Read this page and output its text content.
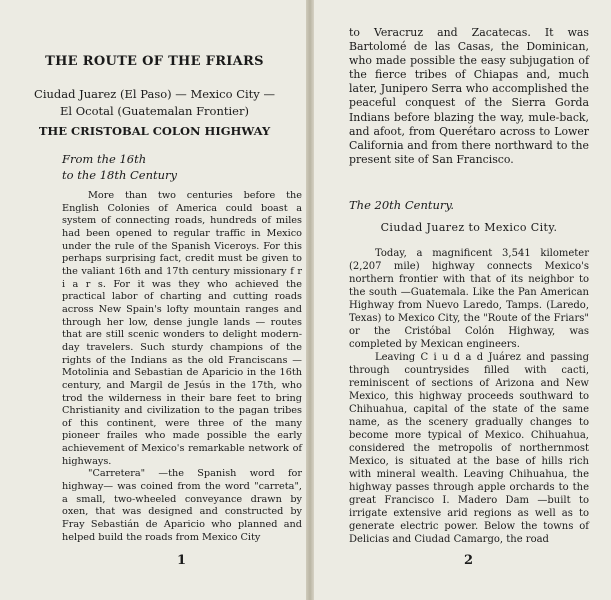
THE ROUTE OF THE FRIARS
Ciudad Juarez (El Paso) — Mexico City —
El Ocotal (Guatemalan Frontier)
THE CRISTOBAL COLON HIGHWAY
From the 16th
to the 18th Century

More than two centuries before the English Colonies of America could boast a system of connecting roads, hundreds of miles had been opened to regular traffic in Mexico under the rule of the Spanish Viceroys. For this perhaps surprising fact, credit must be given to the valiant 16th and 17th century missionary f r i a r s. For it was they who achieved the practical labor of charting and cutting roads across New Spain's lofty mountain ranges and through her low, dense jungle lands — routes that are still scenic wonders to delight modern-day travelers. Such sturdy champions of the rights of the Indians as the old Franciscans — Motolinia and Sebastian de Aparicio in the 16th century, and Margil de Jesús in the 17th, who trod the wilderness in their bare feet to bring Christianity and civilization to the pagan tribes of this continent, were three of the many pioneer frailes who made possible the early achievement of Mexico's remarkable network of highways.

"Carretera" —the Spanish word for highway— was coined from the word "carreta", a small, two-wheeled conveyance drawn by oxen, that was designed and constructed by Fray Sebastián de Aparicio who planned and helped build the roads from Mexico City

1

to Veracruz and Zacatecas. It was Bartolomé de las Casas, the Dominican, who made possible the easy subjugation of the fierce tribes of Chiapas and, much later, Junipero Serra who accomplished the peaceful conquest of the Sierra Gorda Indians before blazing the way, mule-back, and afoot, from Querétaro across to Lower California and from there northward to the present site of San Francisco.

The 20th Century.
Ciudad Juarez to Mexico City.

Today, a magnificent 3,541 kilometer (2,207 mile) highway connects Mexico's northern frontier with that of its neighbor to the south —Guatemala. Like the Pan American Highway from Nuevo Laredo, Tamps. (Laredo, Texas) to Mexico City, the "Route of the Friars" or the Cristóbal Colón Highway, was completed by Mexican engineers.

Leaving C i u d a d Juárez and passing through countrysides filled with cacti, reminiscent of sections of Arizona and New Mexico, this highway proceeds southward to Chihuahua, capital of the state of the same name, as the scenery gradually changes to become more typical of Mexico. Chihuahua, considered the metropolis of northernmost Mexico, is situated at the base of hills rich with mineral wealth. Leaving Chihuahua, the highway passes through apple orchards to the great Francisco I. Madero Dam —built to irrigate extensive arid regions as well as to generate electric power. Below the towns of Delicias and Ciudad Camargo, the road

2
